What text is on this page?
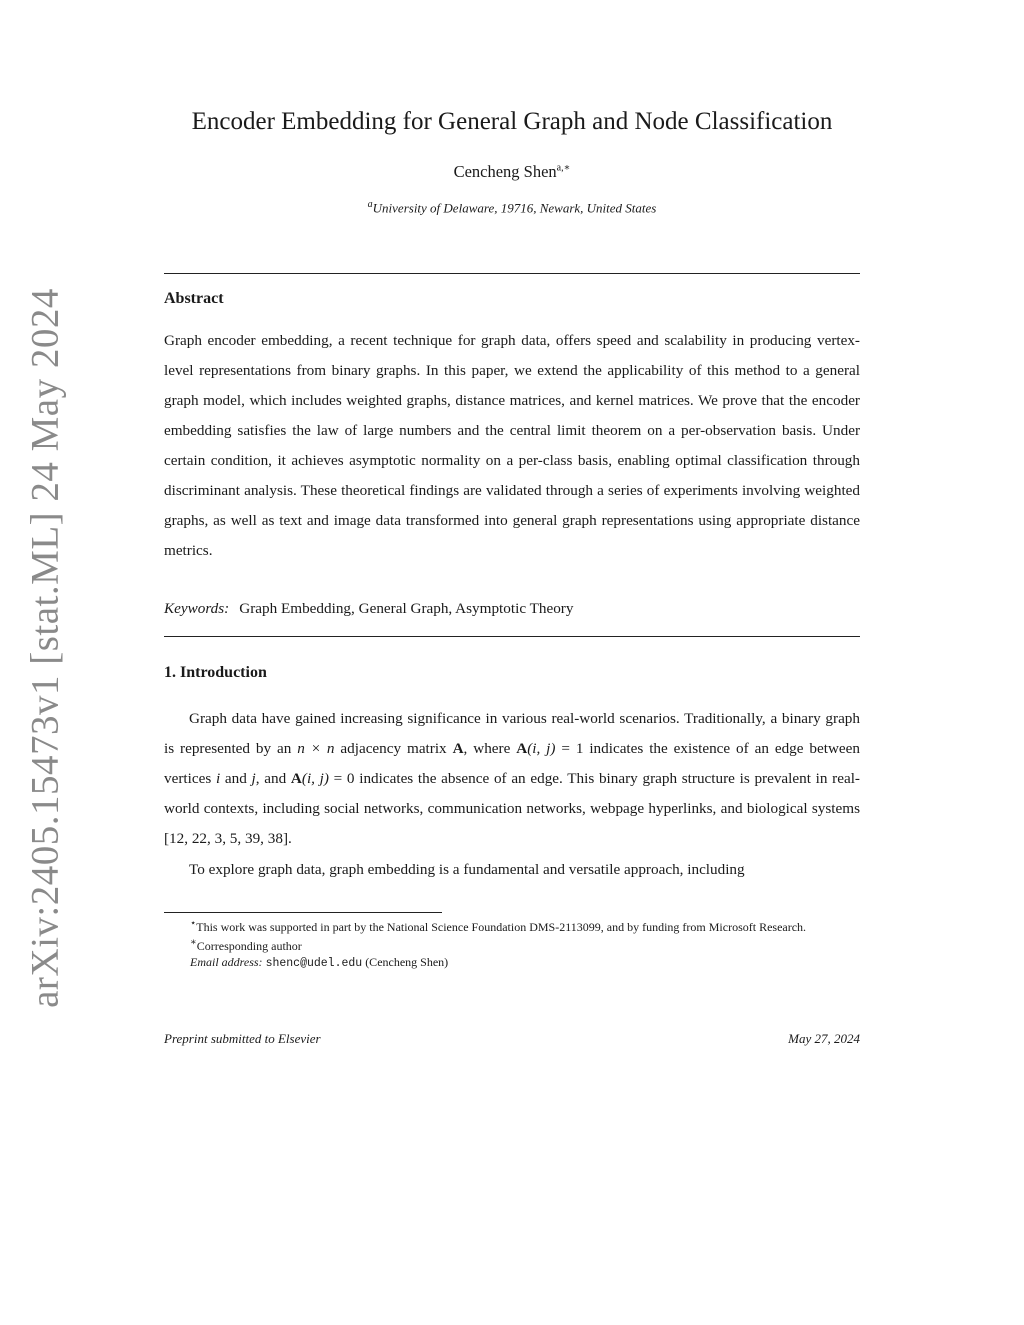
arXiv:2405.15473v1 [stat.ML] 24 May 2024
Encoder Embedding for General Graph and Node Classification
Cencheng Shen$^{a,∗}$
$^a$University of Delaware, 19716, Newark, United States
Abstract

Graph encoder embedding, a recent technique for graph data, offers speed and scalability in producing vertex-level representations from binary graphs. In this paper, we extend the applicability of this method to a general graph model, which includes weighted graphs, distance matrices, and kernel matrices. We prove that the encoder embedding satisfies the law of large numbers and the central limit theorem on a per-observation basis. Under certain condition, it achieves asymptotic normality on a per-class basis, enabling optimal classification through discriminant analysis. These theoretical findings are validated through a series of experiments involving weighted graphs, as well as text and image data transformed into general graph representations using appropriate distance metrics.

Keywords: Graph Embedding, General Graph, Asymptotic Theory
1. Introduction

Graph data have gained increasing significance in various real-world scenarios. Traditionally, a binary graph is represented by an n × n adjacency matrix A, where A(i, j) = 1 indicates the existence of an edge between vertices i and j, and A(i, j) = 0 indicates the absence of an edge. This binary graph structure is prevalent in real-world contexts, including social networks, communication networks, webpage hyperlinks, and biological systems [12, 22, 3, 5, 39, 38].

To explore graph data, graph embedding is a fundamental and versatile approach, including

⋆This work was supported in part by the National Science Foundation DMS-2113099, and by funding from Microsoft Research.

∗Corresponding author

Email address: shenc@udel.edu (Cencheng Shen)

Preprint submitted to Elsevier	May 27, 2024
